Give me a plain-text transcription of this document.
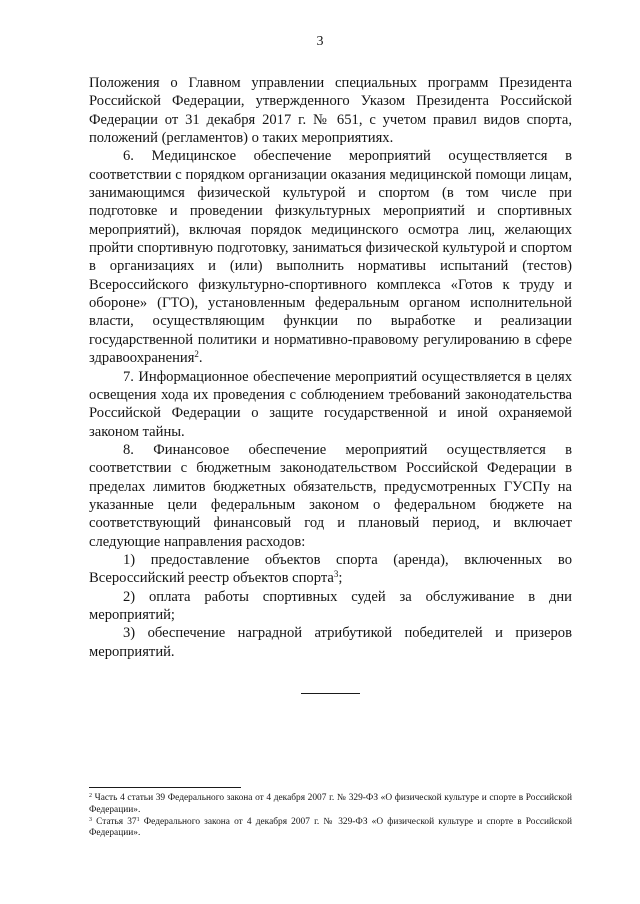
3

Положения о Главном управлении специальных программ Президента Российской Федерации, утвержденного Указом Президента Российской Федерации от 31 декабря 2017 г. № 651, с учетом правил видов спорта, положений (регламентов) о таких мероприятиях.

6. Медицинское обеспечение мероприятий осуществляется в соответствии с порядком организации оказания медицинской помощи лицам, занимающимся физической культурой и спортом (в том числе при подготовке и проведении физкультурных мероприятий и спортивных мероприятий), включая порядок медицинского осмотра лиц, желающих пройти спортивную подготовку, заниматься физической культурой и спортом в организациях и (или) выполнить нормативы испытаний (тестов) Всероссийского физкультурно-спортивного комплекса «Готов к труду и обороне» (ГТО), установленным федеральным органом исполнительной власти, осуществляющим функции по выработке и реализации государственной политики и нормативно-правовому регулированию в сфере здравоохранения$^2$.

7. Информационное обеспечение мероприятий осуществляется в целях освещения хода их проведения с соблюдением требований законодательства Российской Федерации о защите государственной и иной охраняемой законом тайны.

8. Финансовое обеспечение мероприятий осуществляется в соответствии с бюджетным законодательством Российской Федерации в пределах лимитов бюджетных обязательств, предусмотренных ГУСПу на указанные цели федеральным законом о федеральном бюджете на соответствующий финансовый год и плановый период, и включает следующие направления расходов:

1) предоставление объектов спорта (аренда), включенных во Всероссийский реестр объектов спорта$^3$;

2) оплата работы спортивных судей за обслуживание в дни мероприятий;

3) обеспечение наградной атрибутикой победителей и призеров мероприятий.

$^2$ Часть 4 статьи 39 Федерального закона от 4 декабря 2007 г. № 329-ФЗ «О физической культуре и спорте в Российской Федерации».

$^3$ Статья $37^1$ Федерального закона от 4 декабря 2007 г. № 329-ФЗ «О физической культуре и спорте в Российской Федерации».
